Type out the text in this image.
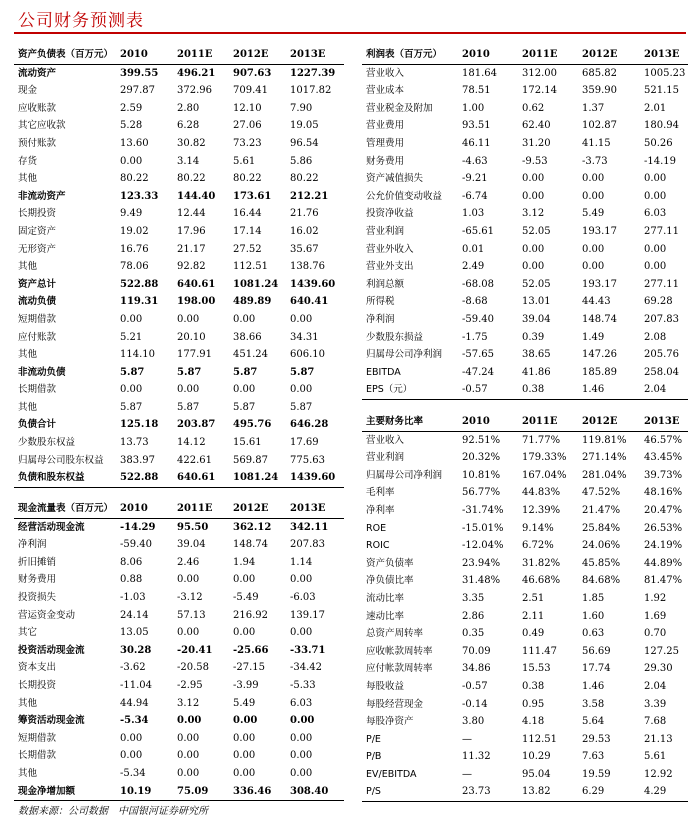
公司财务预测表
资产负债表（百万元）	2010	2011E	2012E	2013E
流动资产	399.55	496.21	907.63	1227.39
现金	297.87	372.96	709.41	1017.82
应收账款	2.59	2.80	12.10	7.90
其它应收款	5.28	6.28	27.06	19.05
预付账款	13.60	30.82	73.23	96.54
存货	0.00	3.14	5.61	5.86
其他	80.22	80.22	80.22	80.22
非流动资产	123.33	144.40	173.61	212.21
长期投资	9.49	12.44	16.44	21.76
固定资产	19.02	17.96	17.14	16.02
无形资产	16.76	21.17	27.52	35.67
其他	78.06	92.82	112.51	138.76
资产总计	522.88	640.61	1081.24	1439.60
流动负债	119.31	198.00	489.89	640.41
短期借款	0.00	0.00	0.00	0.00
应付账款	5.21	20.10	38.66	34.31
其他	114.10	177.91	451.24	606.10
非流动负债	5.87	5.87	5.87	5.87
长期借款	0.00	0.00	0.00	0.00
其他	5.87	5.87	5.87	5.87
负债合计	125.18	203.87	495.76	646.28
少数股东权益	13.73	14.12	15.61	17.69
归属母公司股东权益	383.97	422.61	569.87	775.63
负债和股东权益	522.88	640.61	1081.24	1439.60
现金流量表（百万元）	2010	2011E	2012E	2013E
经营活动现金流	-14.29	95.50	362.12	342.11
净利润	-59.40	39.04	148.74	207.83
折旧摊销	8.06	2.46	1.94	1.14
财务费用	0.88	0.00	0.00	0.00
投资损失	-1.03	-3.12	-5.49	-6.03
营运资金变动	24.14	57.13	216.92	139.17
其它	13.05	0.00	0.00	0.00
投资活动现金流	30.28	-20.41	-25.66	-33.71
资本支出	-3.62	-20.58	-27.15	-34.42
长期投资	-11.04	-2.95	-3.99	-5.33
其他	44.94	3.12	5.49	6.03
筹资活动现金流	-5.34	0.00	0.00	0.00
短期借款	0.00	0.00	0.00	0.00
长期借款	0.00	0.00	0.00	0.00
其他	-5.34	0.00	0.00	0.00
现金净增加额	10.19	75.09	336.46	308.40
利润表（百万元）	2010	2011E	2012E	2013E
营业收入	181.64	312.00	685.82	1005.23
营业成本	78.51	172.14	359.90	521.15
营业税金及附加	1.00	0.62	1.37	2.01
营业费用	93.51	62.40	102.87	180.94
管理费用	46.11	31.20	41.15	50.26
财务费用	-4.63	-9.53	-3.73	-14.19
资产减值损失	-9.21	0.00	0.00	0.00
公允价值变动收益	-6.74	0.00	0.00	0.00
投资净收益	1.03	3.12	5.49	6.03
营业利润	-65.61	52.05	193.17	277.11
营业外收入	0.01	0.00	0.00	0.00
营业外支出	2.49	0.00	0.00	0.00
利润总额	-68.08	52.05	193.17	277.11
所得税	-8.68	13.01	44.43	69.28
净利润	-59.40	39.04	148.74	207.83
少数股东损益	-1.75	0.39	1.49	2.08
归属母公司净利润	-57.65	38.65	147.26	205.76
EBITDA	-47.24	41.86	185.89	258.04
EPS（元）	-0.57	0.38	1.46	2.04
主要财务比率	2010	2011E	2012E	2013E
营业收入	92.51%	71.77%	119.81%	46.57%
营业利润	20.32%	179.33%	271.14%	43.45%
归属母公司净利润	10.81%	167.04%	281.04%	39.73%
毛利率	56.77%	44.83%	47.52%	48.16%
净利率	-31.74%	12.39%	21.47%	20.47%
ROE	-15.01%	9.14%	25.84%	26.53%
ROIC	-12.04%	6.72%	24.06%	24.19%
资产负债率	23.94%	31.82%	45.85%	44.89%
净负债比率	31.48%	46.68%	84.68%	81.47%
流动比率	3.35	2.51	1.85	1.92
速动比率	2.86	2.11	1.60	1.69
总资产周转率	0.35	0.49	0.63	0.70
应收帐款周转率	70.09	111.47	56.69	127.25
应付帐款周转率	34.86	15.53	17.74	29.30
每股收益	-0.57	0.38	1.46	2.04
每股经营现金	-0.14	0.95	3.58	3.39
每股净资产	3.80	4.18	5.64	7.68
P/E	—	112.51	29.53	21.13
P/B	11.32	10.29	7.63	5.61
EV/EBITDA	—	95.04	19.59	12.92
P/S	23.73	13.82	6.29	4.29
数据来源：公司数据　中国银河证券研究所
